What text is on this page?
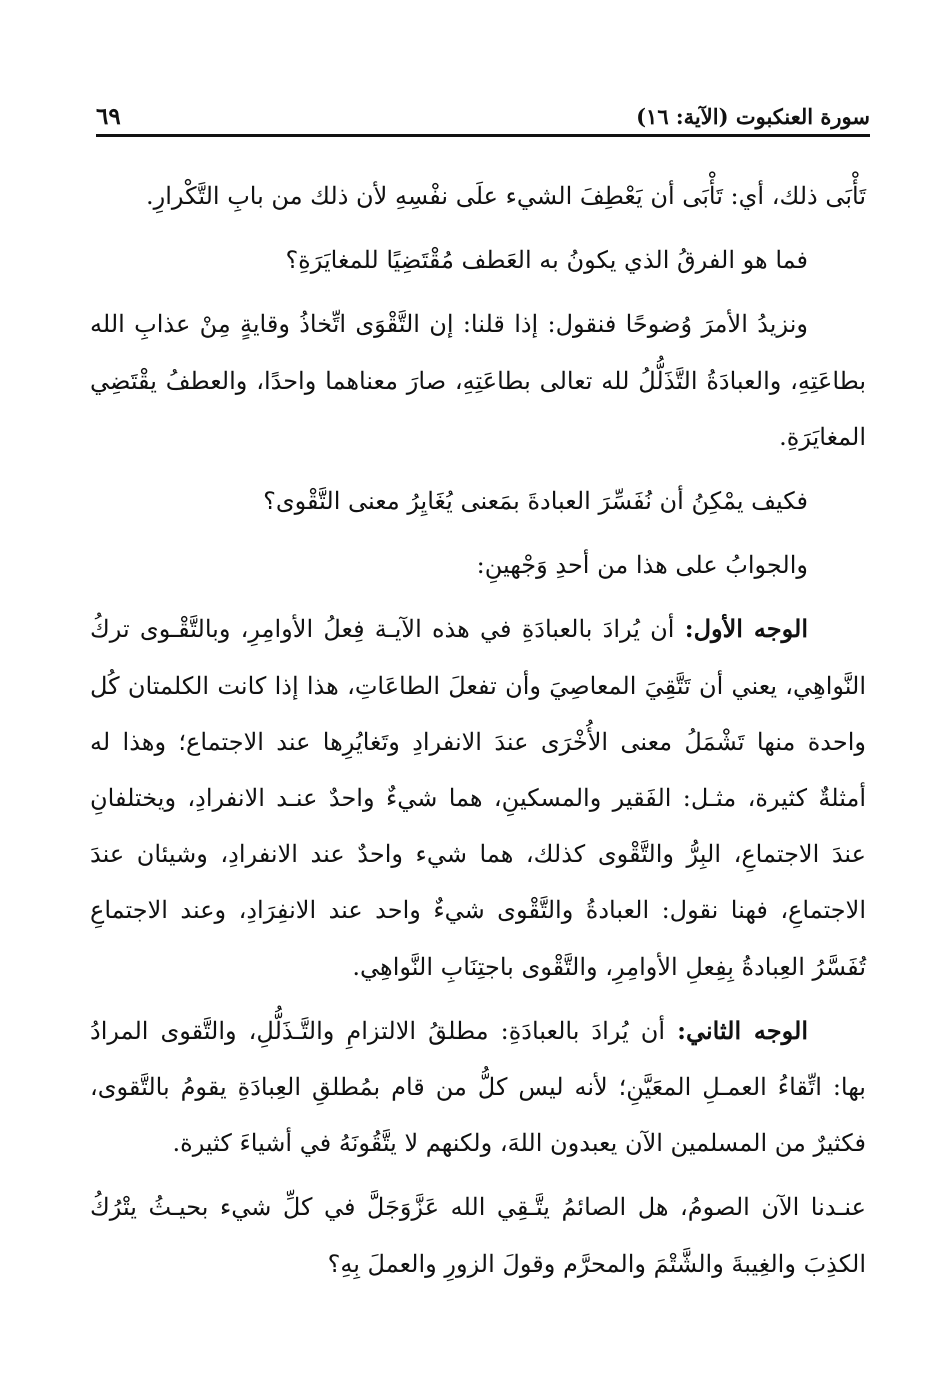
سورة العنكبوت (الآية: ١٦)
٦٩

تَأْبَى ذلك، أي: تَأْبَى أن يَعْطِفَ الشيء علَى نفْسِهِ لأن ذلك من بابِ التَّكْرارِ.

فما هو الفرقُ الذي يكونُ به العَطف مُقْتَضِيًا للمغايَرَةِ؟

ونزيدُ الأمرَ وُضوحًا فنقول: إذا قلنا: إن التَّقْوَى اتِّخاذُ وقايةٍ مِنْ عذابِ الله بطاعَتِهِ، والعبادَةُ التَّذَلُّلُ لله تعالى بطاعَتِهِ، صارَ معناهما واحدًا، والعطفُ يقْتَضِي المغايَرَةِ.

فكيف يمْكِنُ أن نُفَسِّرَ العبادةَ بمَعنى يُغَايِرُ معنى التَّقْوى؟

والجوابُ على هذا من أحدِ وَجْهينِ:

الوجه الأول: أن يُرادَ بالعبادَةِ في هذه الآيـة فِعلُ الأوامِرِ، وبالتَّقْـوى تركُ النَّواهِي، يعني أن تَتَّقِيَ المعاصِيَ وأن تفعلَ الطاعَاتِ، هذا إذا كانت الكلمتان كُل واحدة منها تَشْمَلُ معنى الأُخْرَى عندَ الانفرادِ وتَغايُرِها عند الاجتماع؛ وهذا له أمثلةٌ كثيرة، مثـل: الفَقير والمسكينِ، هما شيءٌ واحدٌ عنـد الانفرادِ، ويختلفانِ عندَ الاجتماعِ، البِرُّ والتَّقْوى كذلك، هما شيء واحدٌ عند الانفرادِ، وشيئان عندَ الاجتماعِ، فهنا نقول: العبادةُ والتَّقْوى شيءٌ واحد عند الانفِرَادِ، وعند الاجتماعِ تُفَسَّرُ العِبادةُ بِفِعلِ الأوامِرِ، والتَّقْوى باجتِنَابِ النَّواهِي.

الوجه الثاني: أن يُرادَ بالعبادَةِ: مطلقُ الالتزامِ والتَّـذَلُّلِ، والتَّقوى المرادُ بها: اتِّقاءُ العمـلِ المعَيَّنِ؛ لأنه ليس كلُّ من قام بمُطلقِ العِبادَةِ يقومُ بالتَّقوى، فكثيرٌ من المسلمين الآن يعبدون اللهَ، ولكنهم لا يتَّقُونَهُ في أشياءَ كثيرة.

عنـدنا الآن الصومُ، هل الصائمُ يتَّـقِي الله عَزَّوَجَلَّ في كلِّ شيء بحيـثُ يتْرُكُ الكذِبَ والغِيبةَ والشَّتْمَ والمحرَّم وقولَ الزورِ والعملَ بِهِ؟
